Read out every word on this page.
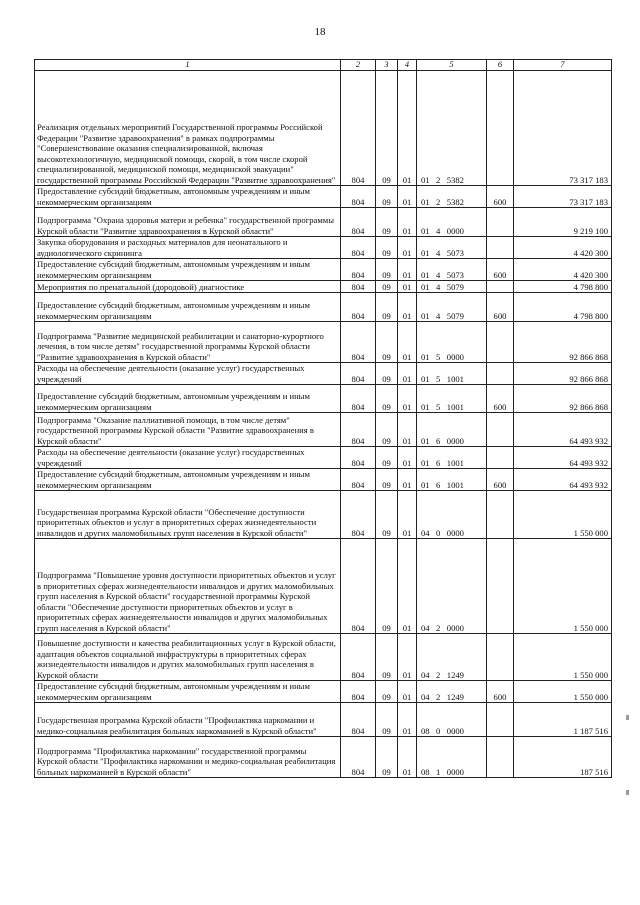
18
1	2	3	4	5	6	7
Реализация отдельных мероприятий Государственной программы Российской Федерации "Развитие здравоохранения" в рамках подпрограммы "Совершенствование оказания специализированной, включая высокотехнологичную, медицинской помощи, скорой, в том числе скорой специализированной, медицинской помощи, медицинской эвакуации" государственной программы Российской Федерации "Развитие здравоохранения"	804	09	01	01   2   5382		73 317 183
Предоставление субсидий бюджетным, автономным учреждениям и иным некоммерческим организациям	804	09	01	01   2   5382	600	73 317 183
Подпрограмма "Охрана здоровья матери и ребенка" государственной программы Курской области "Развитие здравоохранения в Курской области"	804	09	01	01   4   0000		9 219 100
Закупка оборудования и расходных материалов для неонатального и аудиологического скрининга	804	09	01	01   4   5073		4 420 300
Предоставление субсидий бюджетным, автономным учреждениям и иным некоммерческим организациям	804	09	01	01   4   5073	600	4 420 300
Мероприятия по пренатальной (дородовой) диагностике	804	09	01	01   4   5079		4 798 800
Предоставление субсидий бюджетным, автономным учреждениям и иным некоммерческим организациям	804	09	01	01   4   5079	600	4 798 800
Подпрограмма "Развитие медицинской реабилитации и санаторно-курортного лечения, в том числе детям" государственной программы Курской области "Развитие здравоохранения в Курской области"	804	09	01	01   5   0000		92 866 868
Расходы на обеспечение деятельности (оказание услуг) государственных учреждений	804	09	01	01   5   1001		92 866 868
Предоставление субсидий бюджетным, автономным учреждениям и иным некоммерческим организациям	804	09	01	01   5   1001	600	92 866 868
Подпрограмма "Оказание паллиативной помощи, в том числе детям" государственной программы Курской области "Развитие здравоохранения в Курской области"	804	09	01	01   6   0000		64 493 932
Расходы на обеспечение деятельности (оказание услуг) государственных учреждений	804	09	01	01   6   1001		64 493 932
Предоставление субсидий бюджетным, автономным учреждениям и иным некоммерческим организациям	804	09	01	01   6   1001	600	64 493 932
Государственная программа Курской области "Обеспечение доступности приоритетных объектов и услуг в приоритетных сферах жизнедеятельности инвалидов и других маломобильных групп населения в Курской области"	804	09	01	04   0   0000		1 550 000
Подпрограмма "Повышение уровня доступности приоритетных объектов и услуг в приоритетных сферах жизнедеятельности инвалидов и других маломобильных групп населения в Курской области" государственной программы Курской области "Обеспечение доступности приоритетных объектов и услуг в приоритетных сферах жизнедеятельности инвалидов и других маломобильных групп населения в Курской области"	804	09	01	04   2   0000		1 550 000
Повышение доступности и качества реабилитационных услуг в Курской области, адаптация объектов социальной инфраструктуры в приоритетных сферах жизнедеятельности инвалидов и других маломобильных групп населения в Курской области	804	09	01	04   2   1249		1 550 000
Предоставление субсидий бюджетным, автономным учреждениям и иным некоммерческим организациям	804	09	01	04   2   1249	600	1 550 000
Государственная программа Курской области "Профилактика наркомании и медико-социальная реабилитация больных наркоманией в Курской области"	804	09	01	08   0   0000		1 187 516
Подпрограмма "Профилактика наркомании" государственной программы Курской области "Профилактика наркомании и медико-социальная реабилитация больных наркоманией в Курской области"	804	09	01	08   1   0000		187 516
